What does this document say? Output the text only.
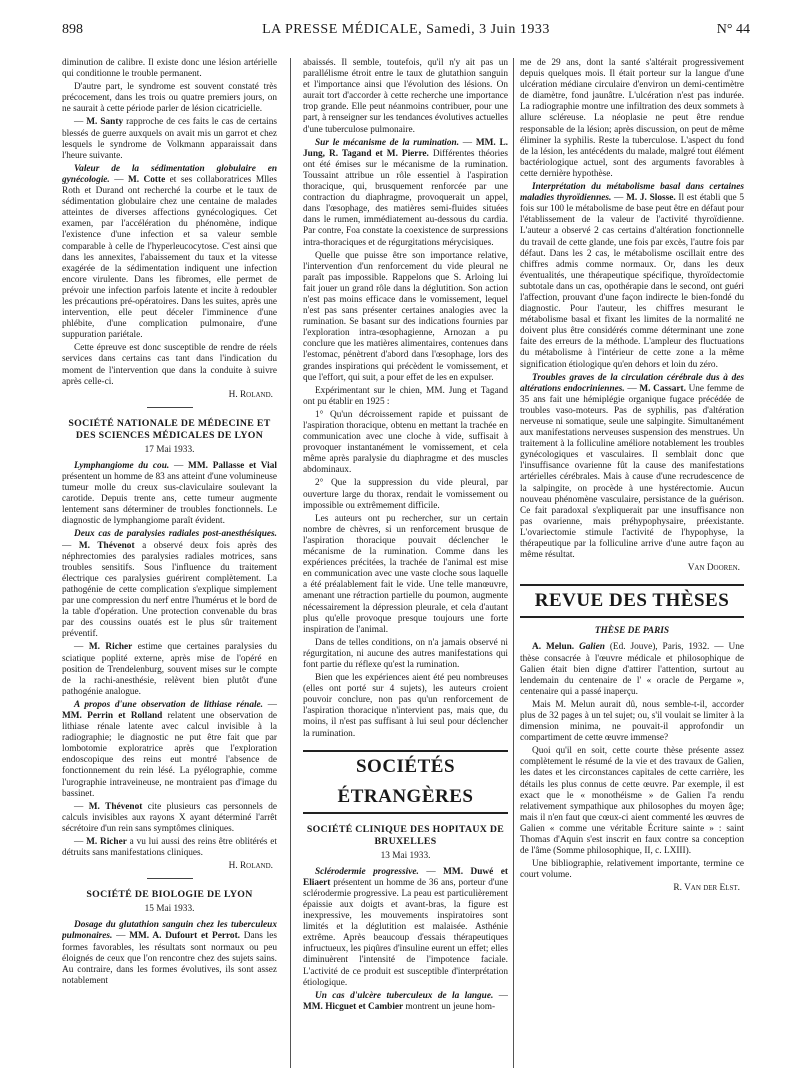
898	LA PRESSE MÉDICALE, Samedi, 3 Juin 1933	N° 44

diminution de calibre. Il existe donc une lésion artérielle qui conditionne le trouble permanent.

D'autre part, le syndrome est souvent constaté très précocement, dans les trois ou quatre premiers jours, on ne saurait à cette période parler de lésion cicatricielle.

— M. Santy rapproche de ces faits le cas de certains blessés de guerre auxquels on avait mis un garrot et chez lesquels le syndrome de Volkmann apparaissait dans l'heure suivante.

Valeur de la sédimentation globulaire en gynécologie. — M. Cotte et ses collaboratrices Mlles Roth et Durand ont recherché la courbe et le taux de sédimentation globulaire chez une centaine de malades atteintes de diverses affections gynécologiques. Cet examen, par l'accélération du phénomène, indique l'existence d'une infection et sa valeur semble comparable à celle de l'hyperleucocytose. C'est ainsi que dans les annexites, l'abaissement du taux et la vitesse exagérée de la sédimentation indiquent une infection encore virulente. Dans les fibromes, elle permet de prévoir une infection parfois latente et incite à redoubler les précautions pré-opératoires. Dans les suites, après une intervention, elle peut déceler l'imminence d'une phlébite, d'une complication pulmonaire, d'une suppuration pariétale.

Cette épreuve est donc susceptible de rendre de réels services dans certains cas tant dans l'indication du moment de l'intervention que dans la conduite à suivre après celle-ci.

H. Roland.
SOCIÉTÉ NATIONALE DE MÉDECINE ET DES SCIENCES MÉDICALES DE LYON
17 Mai 1933.

Lymphangiome du cou. — MM. Pallasse et Vial présentent un homme de 83 ans atteint d'une volumineuse tumeur molle du creux sus-claviculaire soulevant la carotide. Depuis trente ans, cette tumeur augmente lentement sans déterminer de troubles fonctionnels. Le diagnostic de lymphangiome paraît évident.

Deux cas de paralysies radiales post-anesthésiques. — M. Thévenot a observé deux fois après des néphrectomies des paralysies radiales motrices, sans troubles sensitifs. Sous l'influence du traitement électrique ces paralysies guérirent complètement. La pathogénie de cette complication s'explique simplement par une compression du nerf entre l'humérus et le bord de la table d'opération. Une protection convenable du bras par des coussins ouatés est le plus sûr traitement préventif.

— M. Richer estime que certaines paralysies du sciatique poplité externe, après mise de l'opéré en position de Trendelenburg, souvent mises sur le compte de la rachi-anesthésie, relèvent bien plutôt d'une pathogénie analogue.

A propos d'une observation de lithiase rénale. — MM. Perrin et Rolland relatent une observation de lithiase rénale latente avec calcul invisible à la radiographie; le diagnostic ne put être fait que par lombotomie exploratrice après que l'exploration endoscopique des reins eut montré l'absence de fonctionnement du rein lésé. La pyélographie, comme l'urographie intraveineuse, ne montraient pas d'image du bassinet.

— M. Thévenot cite plusieurs cas personnels de calculs invisibles aux rayons X ayant déterminé l'arrêt sécrétoire d'un rein sans symptômes cliniques.

— M. Richer a vu lui aussi des reins être oblitérés et détruits sans manifestations cliniques.

H. Roland.
SOCIÉTÉ DE BIOLOGIE DE LYON
15 Mai 1933.

Dosage du glutathion sanguin chez les tuberculeux pulmonaires. — MM. A. Dufourt et Perrot. Dans les formes favorables, les résultats sont normaux ou peu éloignés de ceux que l'on rencontre chez des sujets sains. Au contraire, dans les formes évolutives, ils sont assez notablement

abaissés. Il semble, toutefois, qu'il n'y ait pas un parallélisme étroit entre le taux de glutathion sanguin et l'importance ainsi que l'évolution des lésions. On aurait tort d'accorder à cette recherche une importance trop grande. Elle peut néanmoins contribuer, pour une part, à renseigner sur les tendances évolutives actuelles d'une tuberculose pulmonaire.

Sur le mécanisme de la rumination. — MM. L. Jung, R. Tagand et M. Pierre. Différentes théories ont été émises sur le mécanisme de la rumination. Toussaint attribue un rôle essentiel à l'aspiration thoracique, qui, brusquement renforcée par une contraction du diaphragme, provoquerait un appel, dans l'œsophage, des matières semi-fluides situées dans le rumen, immédiatement au-dessous du cardia. Par contre, Foa constate la coexistence de surpressions intra-thoraciques et de régurgitations mérycisiques.

Quelle que puisse être son importance relative, l'intervention d'un renforcement du vide pleural ne paraît pas impossible. Rappelons que S. Arloing lui fait jouer un grand rôle dans la déglutition. Son action n'est pas moins efficace dans le vomissement, lequel n'est pas sans présenter certaines analogies avec la rumination. Se basant sur des indications fournies par l'exploration intra-œsophagienne, Arnozan a pu conclure que les matières alimentaires, contenues dans l'estomac, pénètrent d'abord dans l'œsophage, lors des grandes inspirations qui précèdent le vomissement, et que l'effort, qui suit, a pour effet de les en expulser.

Expérimentant sur le chien, MM. Jung et Tagand ont pu établir en 1925 :

1° Qu'un décroissement rapide et puissant de l'aspiration thoracique, obtenu en mettant la trachée en communication avec une cloche à vide, suffisait à provoquer instantanément le vomissement, et cela même après paralysie du diaphragme et des muscles abdominaux.

2° Que la suppression du vide pleural, par ouverture large du thorax, rendait le vomissement ou impossible ou extrêmement difficile.

Les auteurs ont pu rechercher, sur un certain nombre de chèvres, si un renforcement brusque de l'aspiration thoracique pouvait déclencher le mécanisme de la rumination. Comme dans les expériences précitées, la trachée de l'animal est mise en communication avec une vaste cloche sous laquelle a été préalablement fait le vide. Une telle manœuvre, amenant une rétraction partielle du poumon, augmente nécessairement la dépression pleurale, et cela d'autant plus qu'elle provoque presque toujours une forte inspiration de l'animal.

Dans de telles conditions, on n'a jamais observé ni régurgitation, ni aucune des autres manifestations qui font partie du réflexe qu'est la rumination.

Bien que les expériences aient été peu nombreuses (elles ont porté sur 4 sujets), les auteurs croient pouvoir conclure, non pas qu'un renforcement de l'aspiration thoracique n'intervient pas, mais que, du moins, il n'est pas suffisant à lui seul pour déclencher la rumination.

SOCIÉTÉS ÉTRANGÈRES
SOCIÉTÉ CLINIQUE DES HOPITAUX DE BRUXELLES
13 Mai 1933.

Sclérodermie progressive. — MM. Duwé et Eliaert présentent un homme de 36 ans, porteur d'une sclérodermie progressive. La peau est particulièrement épaissie aux doigts et avant-bras, la figure est inexpressive, les mouvements inspiratoires sont limités et la déglutition est malaisée. Asthénie extrême. Après beaucoup d'essais thérapeutiques infructueux, les piqûres d'insuline eurent un effet; elles diminuèrent l'intensité de l'impotence faciale. L'activité de ce produit est susceptible d'interprétation étiologique.

Un cas d'ulcère tuberculeux de la langue. — MM. Hicguet et Cambier montrent un jeune hom-

me de 29 ans, dont la santé s'altérait progressivement depuis quelques mois. Il était porteur sur la langue d'une ulcération médiane circulaire d'environ un demi-centimètre de diamètre, fond jaunâtre. L'ulcération n'est pas indurée. La radiographie montre une infiltration des deux sommets à allure scléreuse. La néoplasie ne peut être rendue responsable de la lésion; après discussion, on peut de même éliminer la syphilis. Reste la tuberculose. L'aspect du fond de la lésion, les antécédents du malade, malgré tout élément bactériologique actuel, sont des arguments favorables à cette dernière hypothèse.

Interprétation du métabolisme basal dans certaines maladies thyroïdiennes. — M. J. Slosse. Il est établi que 5 fois sur 100 le métabolisme de base peut être en défaut pour l'établissement de la valeur de l'activité thyroïdienne. L'auteur a observé 2 cas certains d'altération fonctionnelle du travail de cette glande, une fois par excès, l'autre fois par défaut. Dans les 2 cas, le métabolisme oscillait entre des chiffres admis comme normaux. Or, dans les deux éventualités, une thérapeutique spécifique, thyroïdectomie subtotale dans un cas, opothérapie dans le second, ont guéri l'affection, prouvant d'une façon indirecte le bien-fondé du diagnostic. Pour l'auteur, les chiffres mesurant le métabolisme basal et fixant les limites de la normalité ne doivent plus être considérés comme déterminant une zone faite des erreurs de la méthode. L'ampleur des fluctuations du métabolisme à l'intérieur de cette zone a la même signification étiologique qu'en dehors et loin du zéro.

Troubles graves de la circulation cérébrale dus à des altérations endocriniennes. — M. Cassart. Une femme de 35 ans fait une hémiplégie organique fugace précédée de troubles vaso-moteurs. Pas de syphilis, pas d'altération nerveuse ni somatique, seule une salpingite. Simultanément aux manifestations nerveuses suspension des menstrues. Un traitement à la folliculine améliore notablement les troubles gynécologiques et vasculaires. Il semblait donc que l'insuffisance ovarienne fût la cause des manifestations artérielles cérébrales. Mais à cause d'une recrudescence de la salpingite, on procède à une hystérectomie. Aucun nouveau phénomène vasculaire, persistance de la guérison. Ce fait paradoxal s'expliquerait par une insuffisance non pas ovarienne, mais préhypophysaire, préexistante. L'ovariectomie stimule l'activité de l'hypophyse, la thérapeutique par la folliculine arrive d'une autre façon au même résultat.

Van Dooren.
REVUE DES THÈSES
THÈSE DE PARIS

A. Melun. Galien (Ed. Jouve), Paris, 1932. — Une thèse consacrée à l'œuvre médicale et philosophique de Galien était bien digne d'attirer l'attention, surtout au lendemain du centenaire de l' « oracle de Pergame », centenaire qui a passé inaperçu.

Mais M. Melun aurait dû, nous semble-t-il, accorder plus de 32 pages à un tel sujet; ou, s'il voulait se limiter à la dimension minima, ne pouvait-il approfondir un compartiment de cette œuvre immense?

Quoi qu'il en soit, cette courte thèse présente assez complètement le résumé de la vie et des travaux de Galien, les dates et les circonstances capitales de cette carrière, les détails les plus connus de cette œuvre. Par exemple, il est exact que le « monothéisme » de Galien l'a rendu relativement sympathique aux philosophes du moyen âge; mais il n'en faut que cœux-ci aient commenté les œuvres de Galien « comme une véritable Écriture sainte » : saint Thomas d'Aquin s'est inscrit en faux contre sa conception de l'âme (Somme philosophique, II, c. LXIII).

Une bibliographie, relativement importante, termine ce court volume.

R. Van der Elst.
